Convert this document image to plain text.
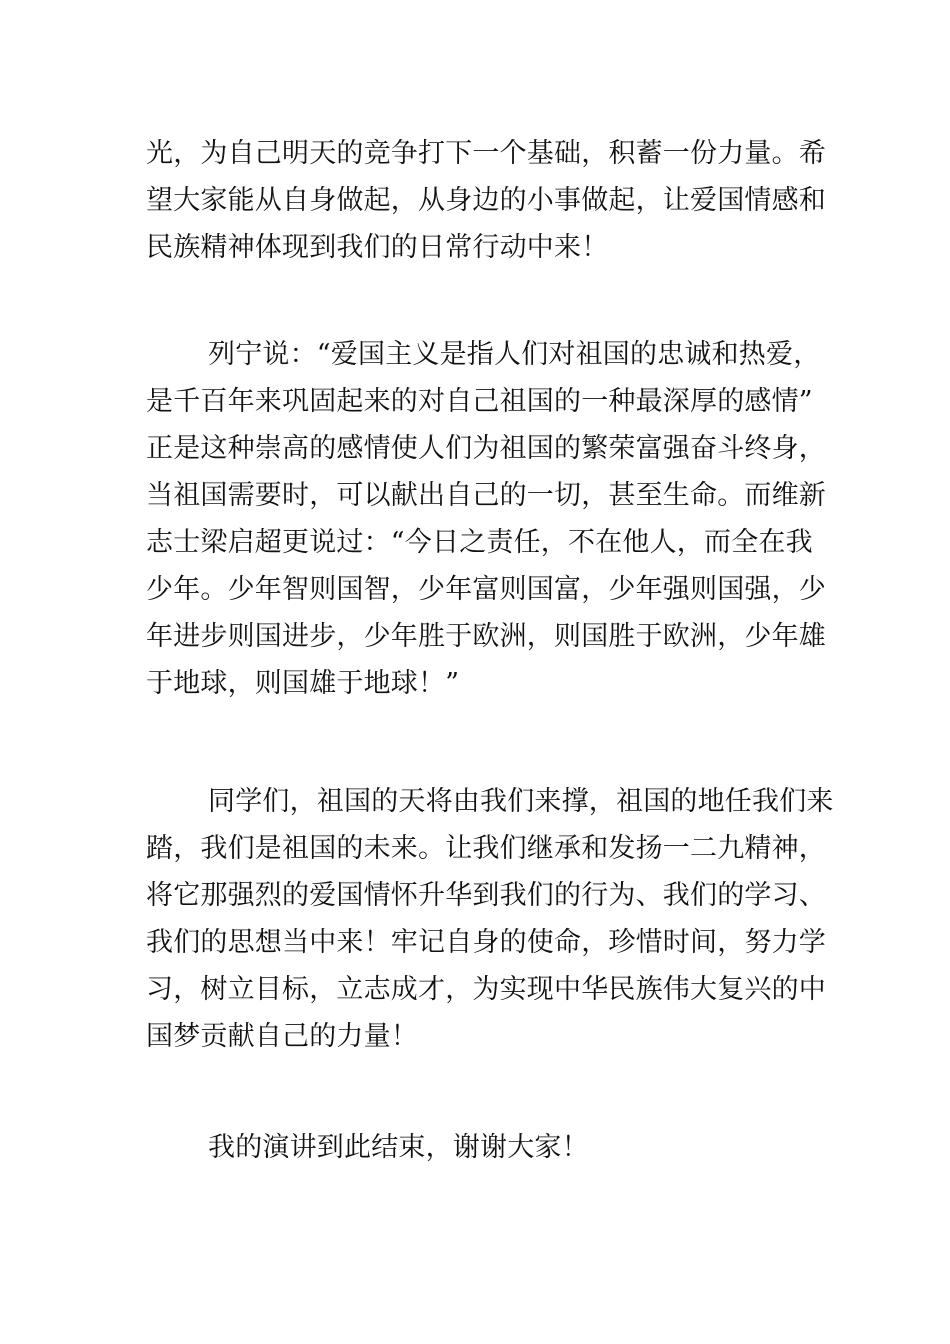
光，为自己明天的竞争打下一个基础，积蓄一份力量。希
望大家能从自身做起，从身边的小事做起，让爱国情感和
民族精神体现到我们的日常行动中来！
列宁说：“爱国主义是指人们对祖国的忠诚和热爱，
是千百年来巩固起来的对自己祖国的一种最深厚的感情”
正是这种崇高的感情使人们为祖国的繁荣富强奋斗终身，
当祖国需要时，可以献出自己的一切，甚至生命。而维新
志士梁启超更说过：“今日之责任，不在他人，而全在我
少年。少年智则国智，少年富则国富，少年强则国强，少
年进步则国进步，少年胜于欧洲，则国胜于欧洲，少年雄
于地球，则国雄于地球！”
同学们，祖国的天将由我们来撑，祖国的地任我们来
踏，我们是祖国的未来。让我们继承和发扬一二九精神，
将它那强烈的爱国情怀升华到我们的行为、我们的学习、
我们的思想当中来！牢记自身的使命，珍惜时间，努力学
习，树立目标，立志成才，为实现中华民族伟大复兴的中
国梦贡献自己的力量！
我的演讲到此结束，谢谢大家！
